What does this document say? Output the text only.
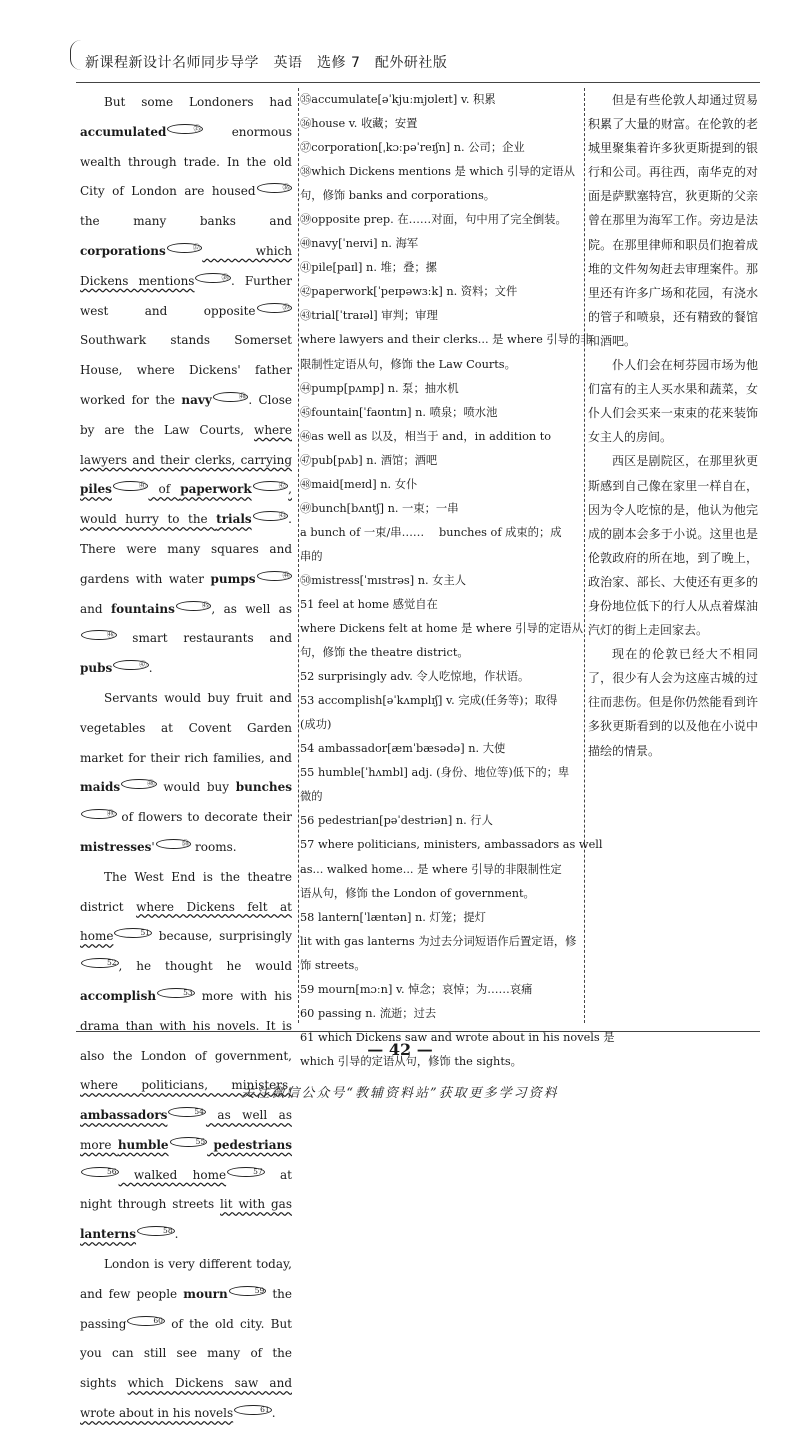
新课程新设计名师同步导学　英语　选修 7　配外研社版

But some Londoners had accumulated	$^㉟$ enormous wealth through trade. In the old City of London are housed	$^㊱$ the many banks and corporations	$^㊲$ which Dickens mentions	$^㊳$ . Further west and opposite	$^㊴$ Southwark stands Somerset House, where Dickens' father worked for the navy	$^㊵$ . Close by are the Law Courts, where lawyers and their clerks, carrying piles	$^㊶$ of paperwork	$^㊷$ , would hurry to the trials	$^㊸$ . There were many squares and gardens with water pumps	$^㊹$ and fountains	$^㊺$ , as well $as^㊻$ smart restaurants and pubs	$^㊼$ .

Servants would buy fruit and vegetables at Covent Garden market for their rich families, and maids	$^㊽$ would buy bunches$^㊾$ of flowers to decorate their mistresses'	$^㊿$ rooms.

The West End is the theatre district where Dickens felt at home	$^{51}$ because, surprisingly$^{52}$ , he thought he would accomplish	$^{53}$ more with his drama than with his novels. It is also the London of government, where politicians, ministers, ambassadors	$^{54}$ as well as more humble	$^{55}$ pedestrians$^{56}$ walked home	$^{57}$ at night through streets lit with gas lanterns	$^{58}$ .

London is very different today, and few people mourn	$^{59}$ the passing	$^{60}$ of the old city. But you can still see many of the sights which Dickens saw and wrote about in his novels	$^{61}$ .

㉟accumulate[əˈkjuːmjʊleɪt] v. 积累
㊱house v. 收藏；安置
㊲corporation[ˌkɔːpəˈreɪʃn] n. 公司；企业
㊳which Dickens mentions 是 which 引导的定语从
句，修饰 banks and corporations。
㊴opposite prep. 在……对面，句中用了完全倒装。
㊵navy[ˈneɪvi] n. 海军
㊶pile[paɪl] n. 堆；叠；摞
㊷paperwork[ˈpeɪpəwɜːk] n. 资料；文件
㊸trial[ˈtraɪəl] 审判；审理
where lawyers and their clerks... 是 where 引导的非
限制性定语从句，修饰 the Law Courts。
㊹pump[pʌmp] n. 泵；抽水机
㊺fountain[ˈfaʊntɪn] n. 喷泉；喷水池
㊻as well as 以及，相当于 and，in addition to
㊼pub[pʌb] n. 酒馆；酒吧
㊽maid[meɪd] n. 女仆
㊾bunch[bʌntʃ] n. 一束；一串
a bunch of 一束/串……　 bunches of 成束的；成
串的
㊿mistress[ˈmɪstrəs] n. 女主人
51 feel at home 感觉自在
where Dickens felt at home 是 where 引导的定语从
句，修饰 the theatre district。
52 surprisingly adv. 令人吃惊地，作状语。
53 accomplish[əˈkʌmplɪʃ] v. 完成(任务等)；取得
(成功)
54 ambassador[æmˈbæsədə] n. 大使
55 humble[ˈhʌmbl] adj. (身份、地位等)低下的；卑
微的
56 pedestrian[pəˈdestriən] n. 行人
57 where politicians, ministers, ambassadors as well
as... walked home... 是 where 引导的非限制性定
语从句，修饰 the London of government。
58 lantern[ˈlæntən] n. 灯笼；提灯
lit with gas lanterns 为过去分词短语作后置定语，修
饰 streets。
59 mourn[mɔːn] v. 悼念；哀悼；为……哀痛
60 passing n. 流逝；过去
61 which Dickens saw and wrote about in his novels 是
which 引导的定语从句，修饰 the sights。

但是有些伦敦人却通过贸易积累了大量的财富。在伦敦的老城里聚集着许多狄更斯提到的银行和公司。再往西，南华克的对面是萨默塞特宫，狄更斯的父亲曾在那里为海军工作。旁边是法院。在那里律师和职员们抱着成堆的文件匆匆赶去审理案件。那里还有许多广场和花园，有浇水的管子和喷泉，还有精致的餐馆和酒吧。

仆人们会在柯芬园市场为他们富有的主人买水果和蔬菜，女仆人们会买来一束束的花来装饰女主人的房间。

西区是剧院区，在那里狄更斯感到自己像在家里一样自在，因为令人吃惊的是，他认为他完成的剧本会多于小说。这里也是伦敦政府的所在地，到了晚上，政治家、部长、大使还有更多的身份地位低下的行人从点着煤油汽灯的街上走回家去。

现在的伦敦已经大不相同了，很少有人会为这座古城的过往而悲伤。但是你仍然能看到许多狄更斯看到的以及他在小说中描绘的情景。

— 42 —
关注微信公众号“教辅资料站”获取更多学习资料
